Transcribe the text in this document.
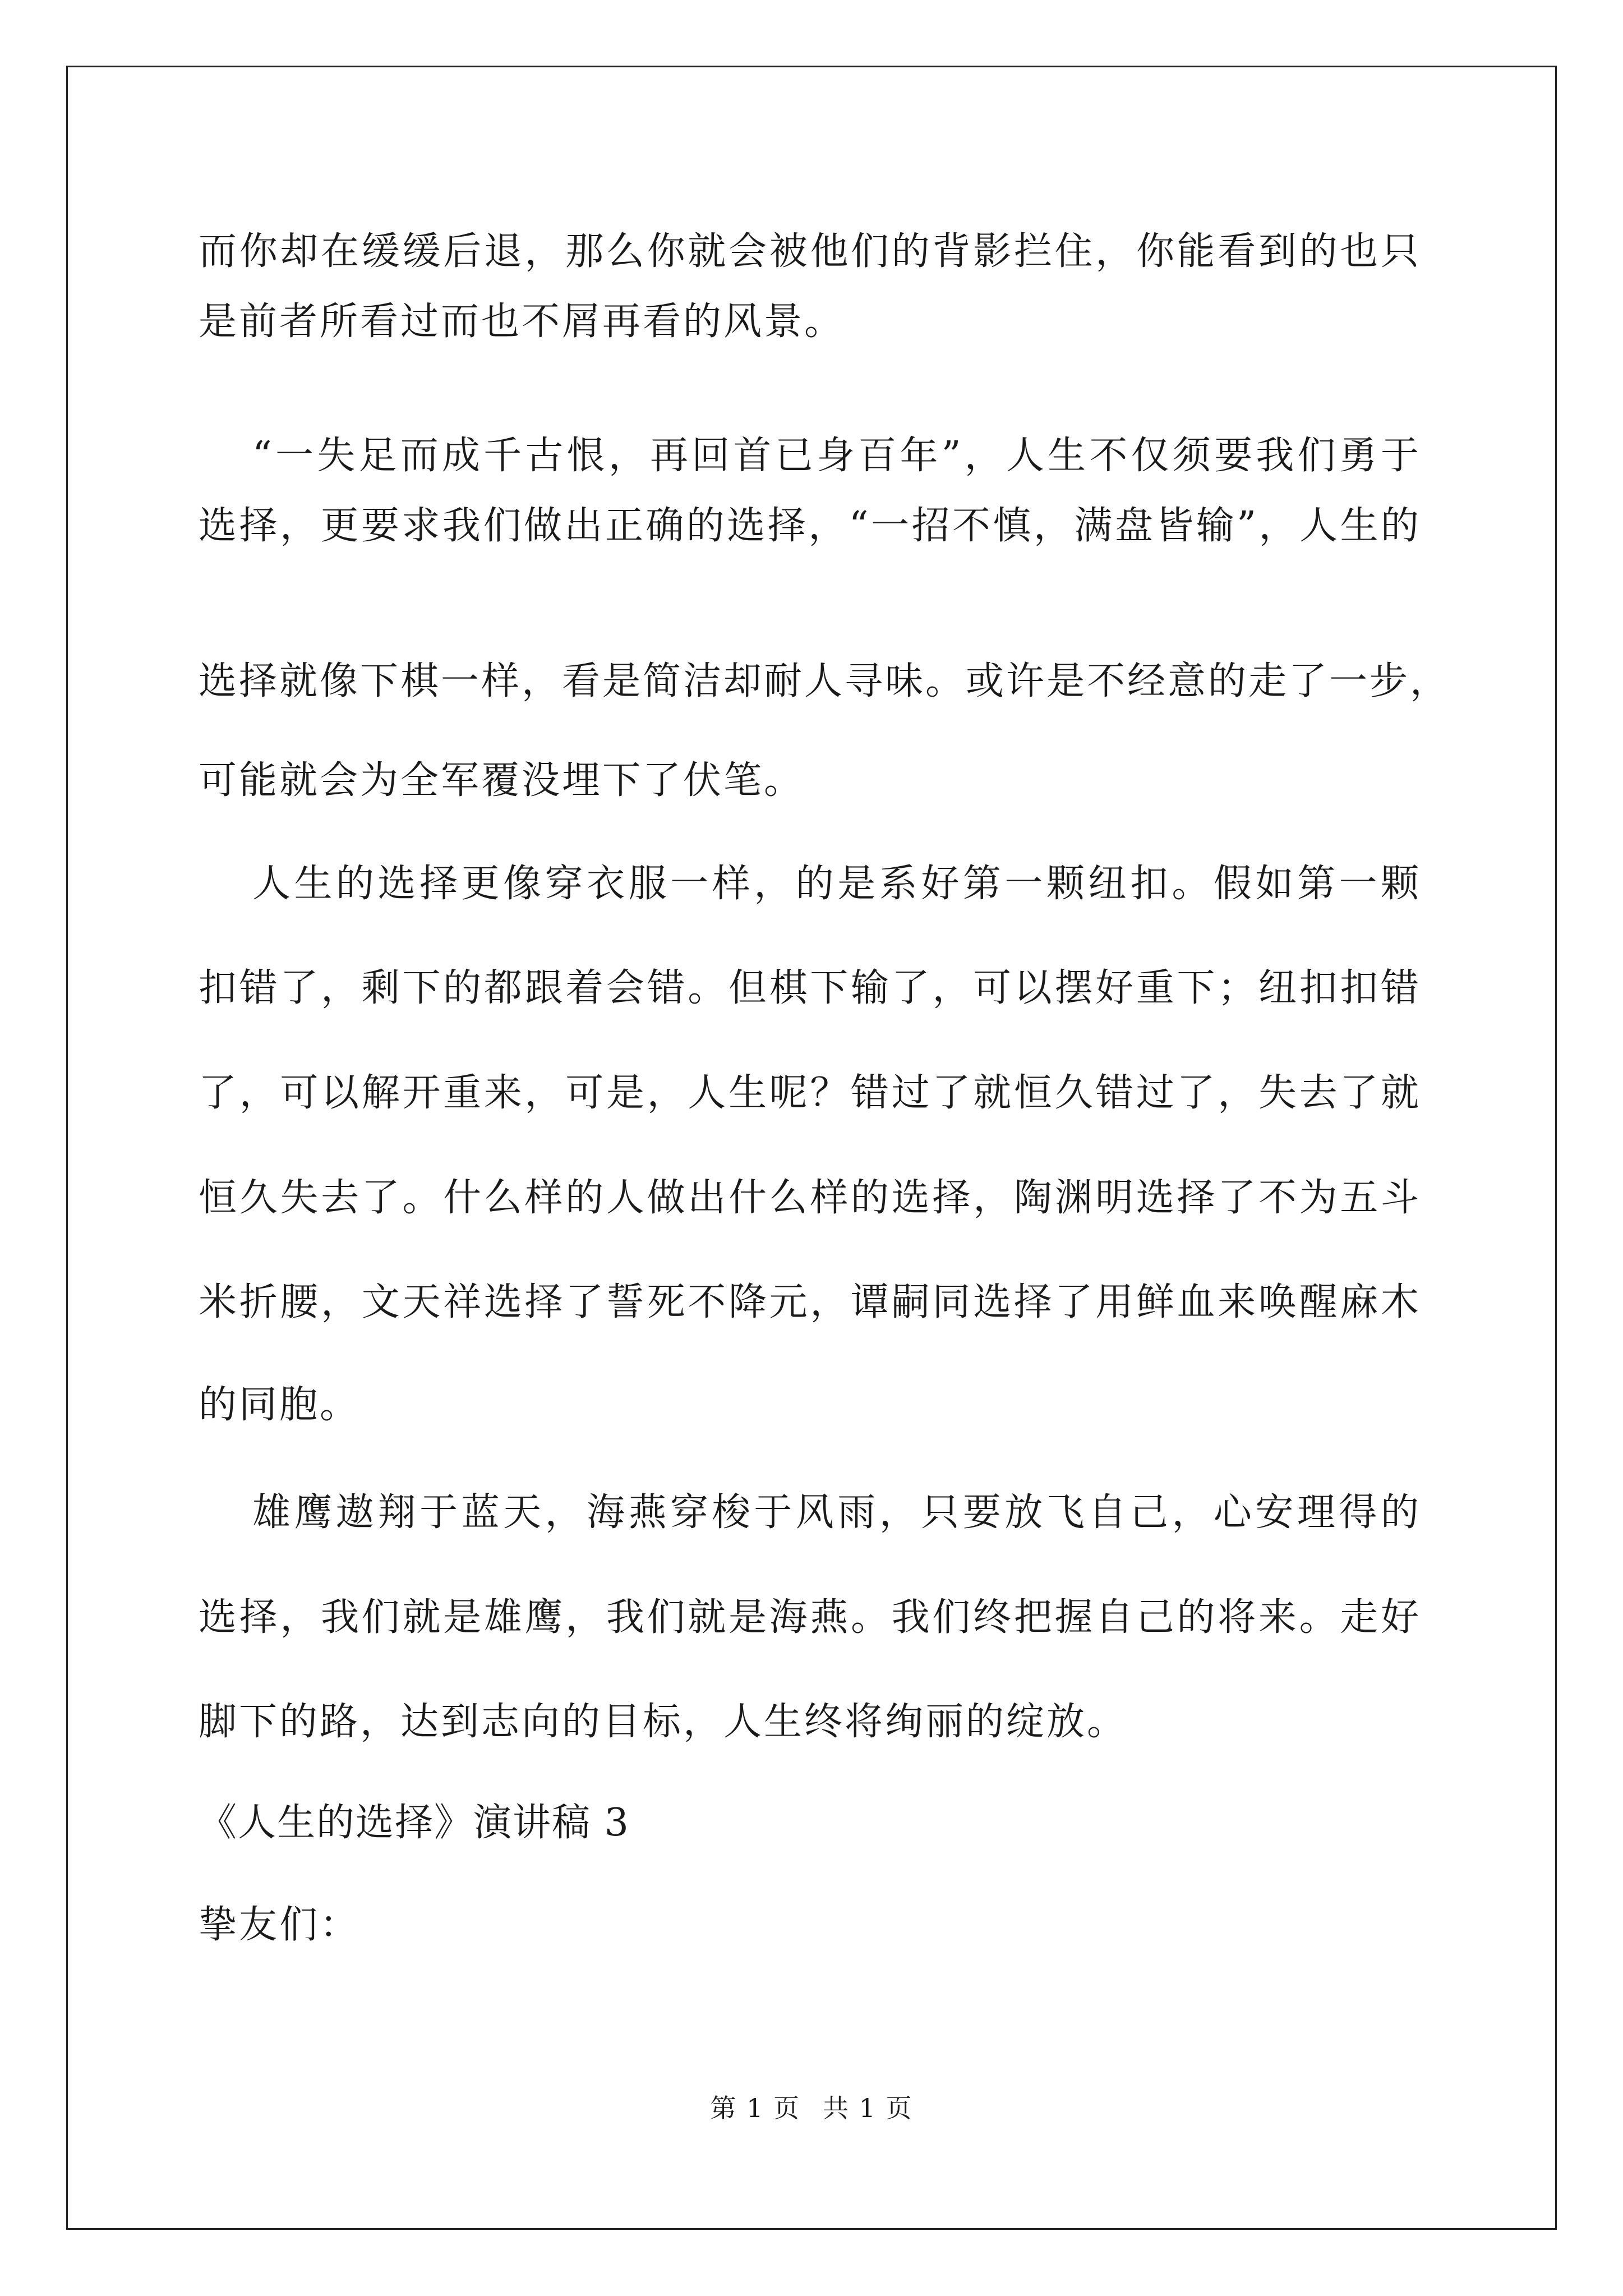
而你却在缓缓后退，那么你就会被他们的背影拦住，你能看到的也只
是前者所看过而也不屑再看的风景。
“一失足而成千古恨，再回首已身百年”，人生不仅须要我们勇于
选择，更要求我们做出正确的选择，“一招不慎，满盘皆输”，人生的
选择就像下棋一样，看是简洁却耐人寻味。或许是不经意的走了一步，
可能就会为全军覆没埋下了伏笔。
人生的选择更像穿衣服一样，的是系好第一颗纽扣。假如第一颗
扣错了，剩下的都跟着会错。但棋下输了，可以摆好重下；纽扣扣错
了，可以解开重来，可是，人生呢？错过了就恒久错过了，失去了就
恒久失去了。什么样的人做出什么样的选择，陶渊明选择了不为五斗
米折腰，文天祥选择了誓死不降元，谭嗣同选择了用鲜血来唤醒麻木
的同胞。
雄鹰遨翔于蓝天，海燕穿梭于风雨，只要放飞自己，心安理得的
选择，我们就是雄鹰，我们就是海燕。我们终把握自己的将来。走好
脚下的路，达到志向的目标，人生终将绚丽的绽放。
《人生的选择》演讲稿 3
挚友们：
第 1 页 共 1 页
